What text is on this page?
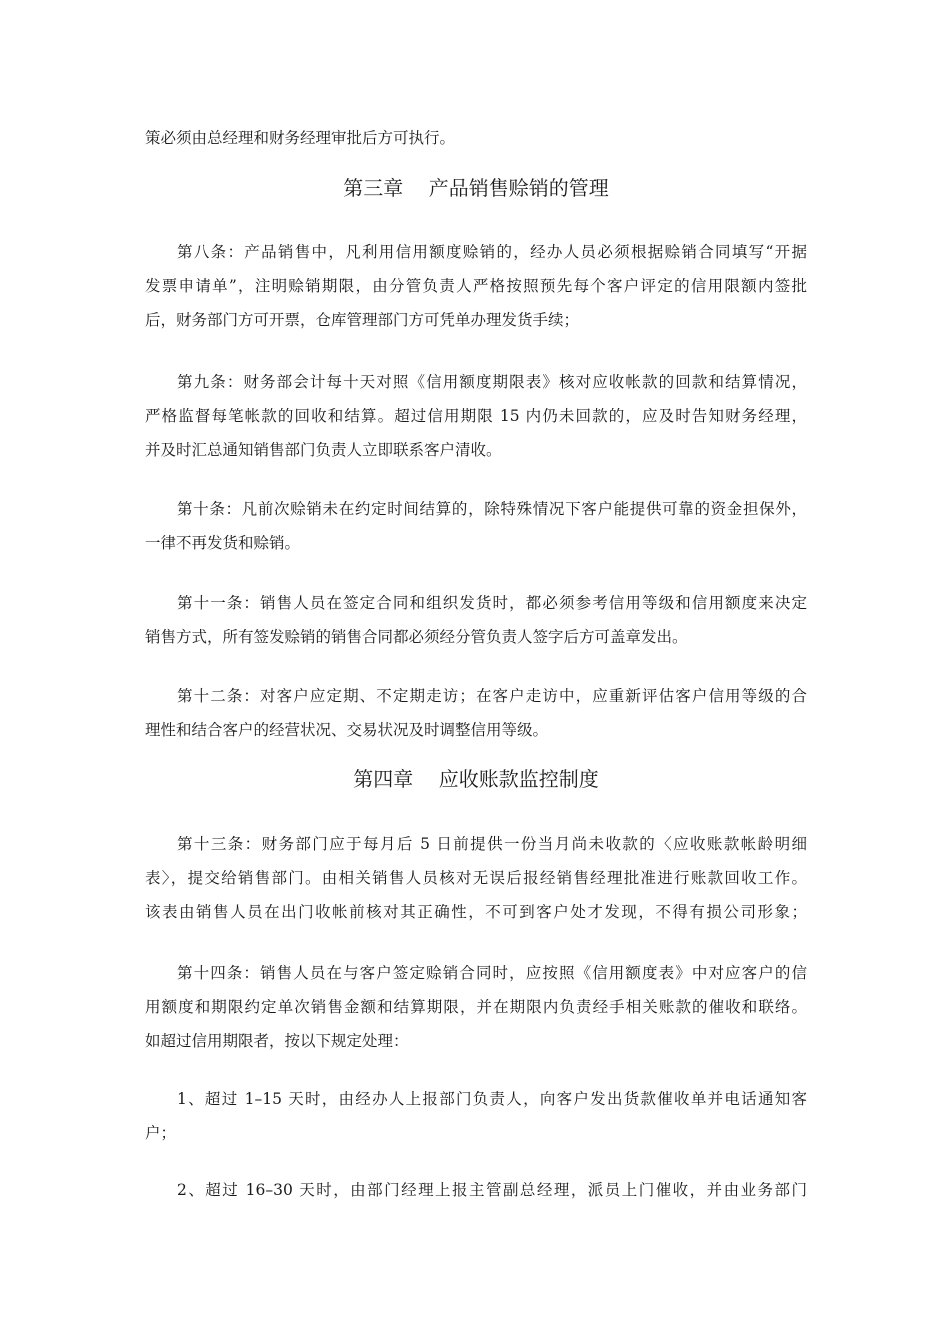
策必须由总经理和财务经理审批后方可执行。
第三章    产品销售赊销的管理
第八条：产品销售中，凡利用信用额度赊销的，经办人员必须根据赊销合同填写“开据
发票申请单”，注明赊销期限，由分管负责人严格按照预先每个客户评定的信用限额内签批
后，财务部门方可开票，仓库管理部门方可凭单办理发货手续；
第九条：财务部会计每十天对照《信用额度期限表》核对应收帐款的回款和结算情况，
严格监督每笔帐款的回收和结算。超过信用期限 15 内仍未回款的，应及时告知财务经理，
并及时汇总通知销售部门负责人立即联系客户清收。
第十条：凡前次赊销未在约定时间结算的，除特殊情况下客户能提供可靠的资金担保外，
一律不再发货和赊销。
第十一条：销售人员在签定合同和组织发货时，都必须参考信用等级和信用额度来决定
销售方式，所有签发赊销的销售合同都必须经分管负责人签字后方可盖章发出。
第十二条：对客户应定期、不定期走访；在客户走访中，应重新评估客户信用等级的合
理性和结合客户的经营状况、交易状况及时调整信用等级。
第四章    应收账款监控制度
第十三条：财务部门应于每月后 5 日前提供一份当月尚未收款的〈应收账款帐龄明细
表〉，提交给销售部门。由相关销售人员核对无误后报经销售经理批准进行账款回收工作。
该表由销售人员在出门收帐前核对其正确性，不可到客户处才发现，不得有损公司形象；
第十四条：销售人员在与客户签定赊销合同时，应按照《信用额度表》中对应客户的信
用额度和期限约定单次销售金额和结算期限，并在期限内负责经手相关账款的催收和联络。
如超过信用期限者，按以下规定处理：
1、超过 1–15 天时，由经办人上报部门负责人，向客户发出货款催收单并电话通知客
户；
2、超过 16–30 天时，由部门经理上报主管副总经理，派员上门催收，并由业务部门
